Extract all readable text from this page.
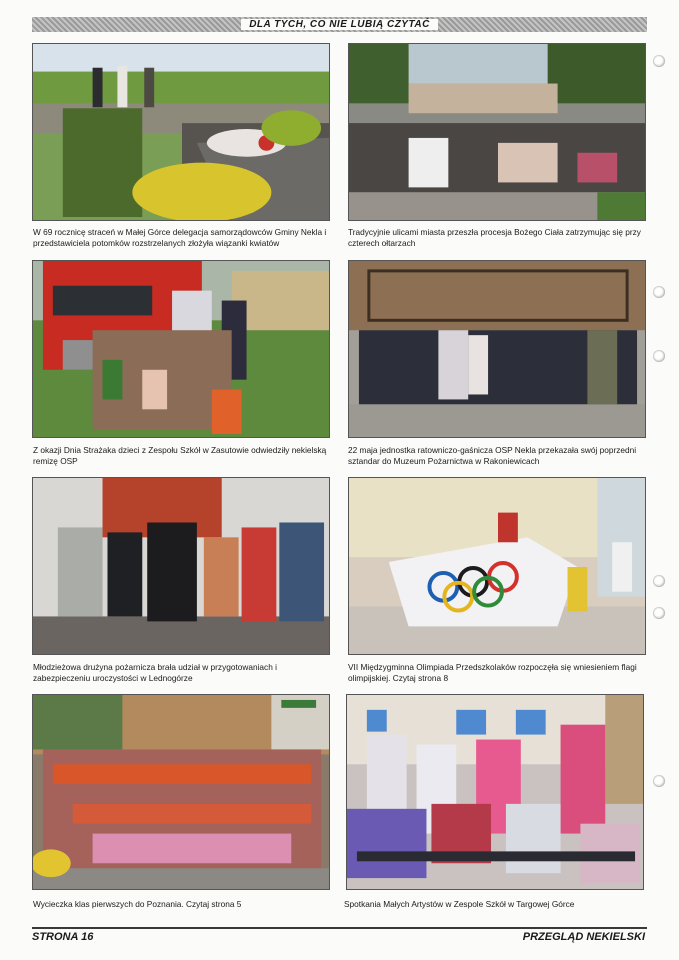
DLA TYCH, CO NIE LUBIĄ CZYTAĆ
W 69 rocznicę straceń w Małej Górce delegacja samorządowców Gminy Nekla i przedstawiciela potomków rozstrzelanych złożyła wiązanki kwiatów
Tradycyjnie ulicami miasta przeszła procesja Bożego Ciała zatrzymując się przy czterech ołtarzach
Z okazji Dnia Strażaka dzieci z Zespołu Szkół w Zasutowie odwiedziły nekielską remizę OSP
22 maja jednostka ratowniczo-gaśnicza OSP Nekla przekazała swój poprzedni sztandar do Muzeum Pożarnictwa w Rakoniewicach
Młodzieżowa drużyna pożarnicza brała udział w przygotowaniach i zabezpieczeniu uroczystości w Lednogórze
VII Międzygminna Olimpiada Przedszkolaków rozpoczęła się wniesieniem flagi olimpijskiej. Czytaj strona 8
Wycieczka klas pierwszych do Poznania. Czytaj strona 5	Spotkania Małych Artystów w Zespole Szkół w Targowej Górce
STRONA 16	PRZEGLĄD NEKIELSKI
